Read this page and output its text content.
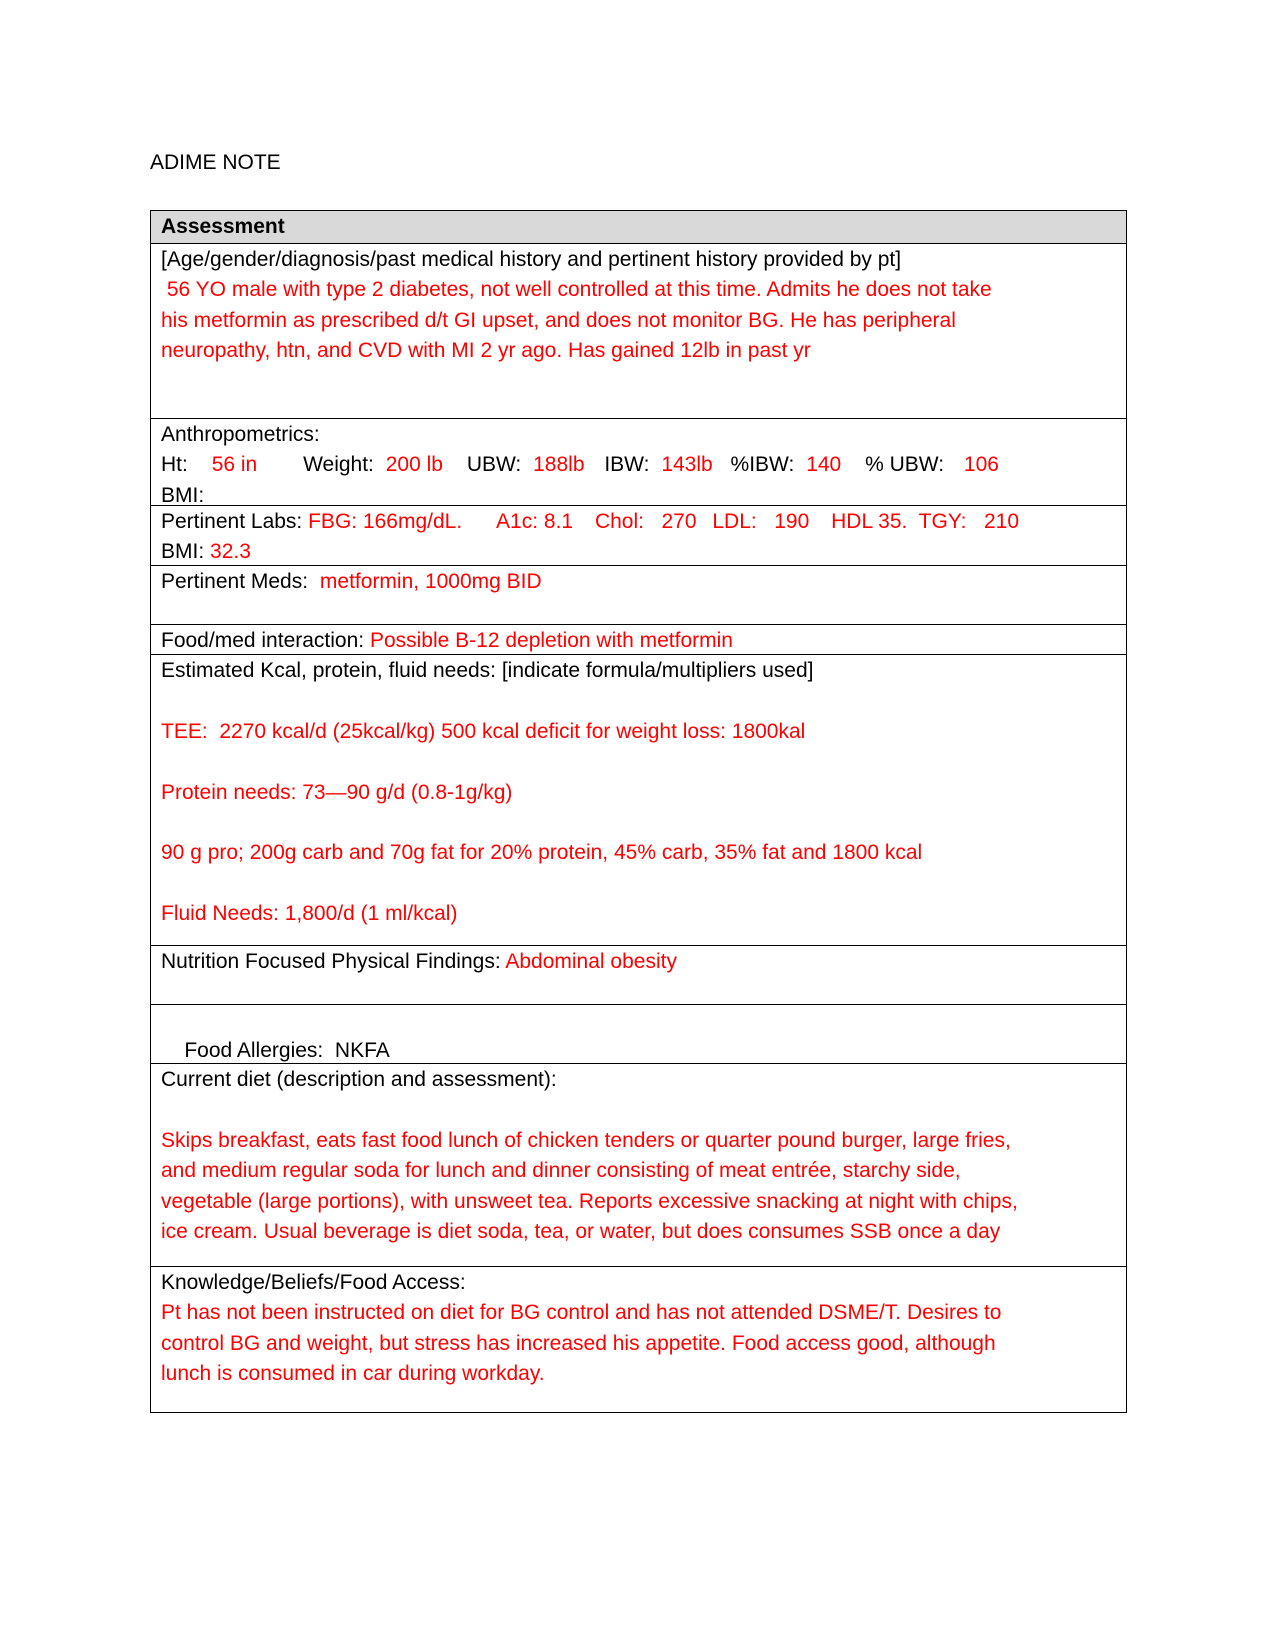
ADIME NOTE
Assessment
[Age/gender/diagnosis/past medical history and pertinent history provided by pt]
56 YO male with type 2 diabetes, not well controlled at this time. Admits he does not take
his metformin as prescribed d/t GI upset, and does not monitor BG. He has peripheral
neuropathy, htn, and CVD with MI 2 yr ago. Has gained 12lb in past yr
Anthropometrics:
Ht: 56 in Weight: 200 lb UBW: 188lb IBW: 143lb %IBW: 140 % UBW: 106
BMI:
Pertinent Labs: FBG: 166mg/dL. A1c: 8.1 Chol:   270 LDL:   190 HDL 35.  TGY:   210
BMI: 32.3
Pertinent Meds: metformin, 1000mg BID
Food/med interaction: Possible B-12 depletion with metformin
Estimated Kcal, protein, fluid needs: [indicate formula/multipliers used]
TEE:  2270 kcal/d (25kcal/kg) 500 kcal deficit for weight loss: 1800kal
Protein needs: 73—90 g/d (0.8-1g/kg)
90 g pro; 200g carb and 70g fat for 20% protein, 45% carb, 35% fat and 1800 kcal
Fluid Needs: 1,800/d (1 ml/kcal)
Nutrition Focused Physical Findings: Abdominal obesity

Food Allergies:  NKFA

Current diet (description and assessment):
Skips breakfast, eats fast food lunch of chicken tenders or quarter pound burger, large fries,
and medium regular soda for lunch and dinner consisting of meat entrée, starchy side,
vegetable (large portions), with unsweet tea. Reports excessive snacking at night with chips,
ice cream. Usual beverage is diet soda, tea, or water, but does consumes SSB once a day
Knowledge/Beliefs/Food Access:
Pt has not been instructed on diet for BG control and has not attended DSME/T. Desires to
control BG and weight, but stress has increased his appetite. Food access good, although
lunch is consumed in car during workday.
